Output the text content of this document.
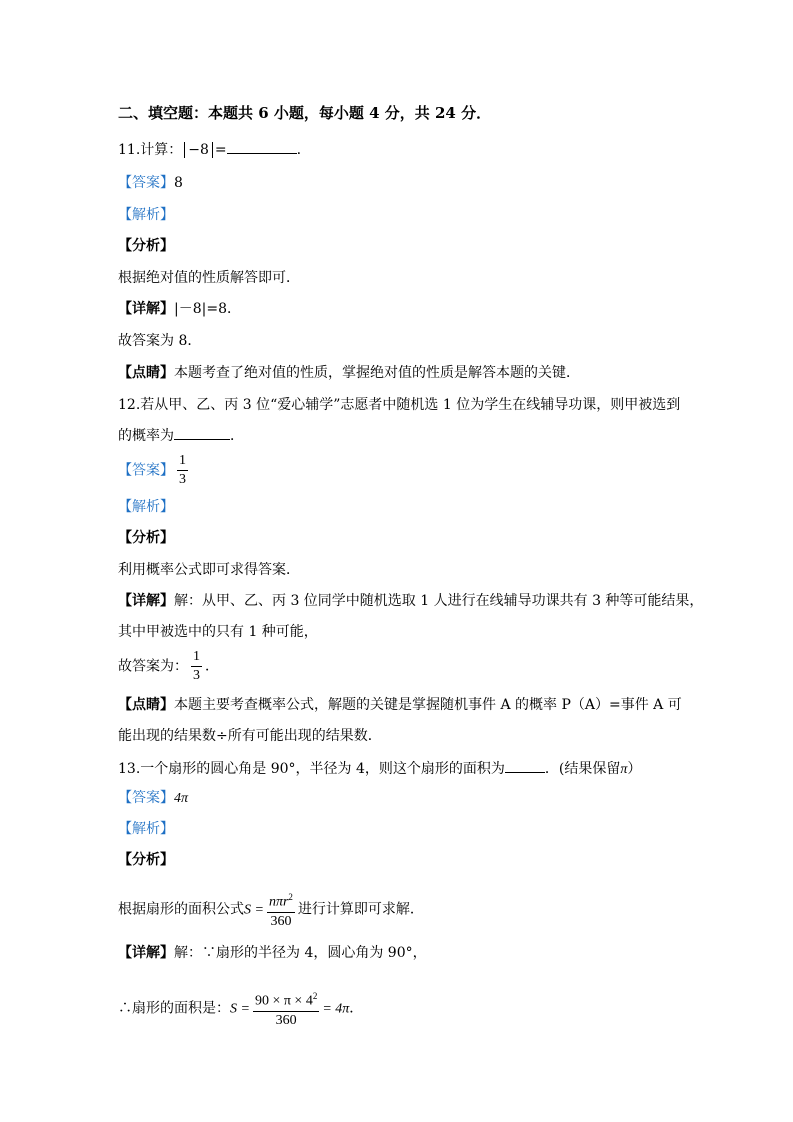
二、填空题：本题共 6 小题，每小题 4 分，共 24 分．
11.计算： −8 =	.
【答案】8
【解析】
【分析】
根据绝对值的性质解答即可．
【详解】|－8|=8．
故答案为 8．
【点睛】本题考查了绝对值的性质，掌握绝对值的性质是解答本题的关键．
12.若从甲、乙、丙 3 位“爱心辅学”志愿者中随机选 1 位为学生在线辅导功课，则甲被选到
的概率为	．
【答案】 $\frac{1}{3}$
【解析】
【分析】
利用概率公式即可求得答案．
【详解】解：从甲、乙、丙 3 位同学中随机选取 1 人进行在线辅导功课共有 3 种等可能结果，
其中甲被选中的只有 1 种可能，
故答案为： $\frac{1}{3}$ ．
【点睛】本题主要考查概率公式，解题的关键是掌握随机事件 A 的概率 P（A）=事件 A 可
能出现的结果数÷所有可能出现的结果数．
13.一个扇形的圆心角是 90°，半径为 4，则这个扇形的面积为	．(结果保留π）
【答案】4π
【解析】
【分析】
根据扇形的面积公式$S = \frac{n\pi r^2}{360}$ 进行计算即可求解．
【详解】解：∵扇形的半径为 4，圆心角为 90°，
∴扇形的面积是：$S = \frac{90 \times \pi \times 4^2}{360} = 4\pi$．
